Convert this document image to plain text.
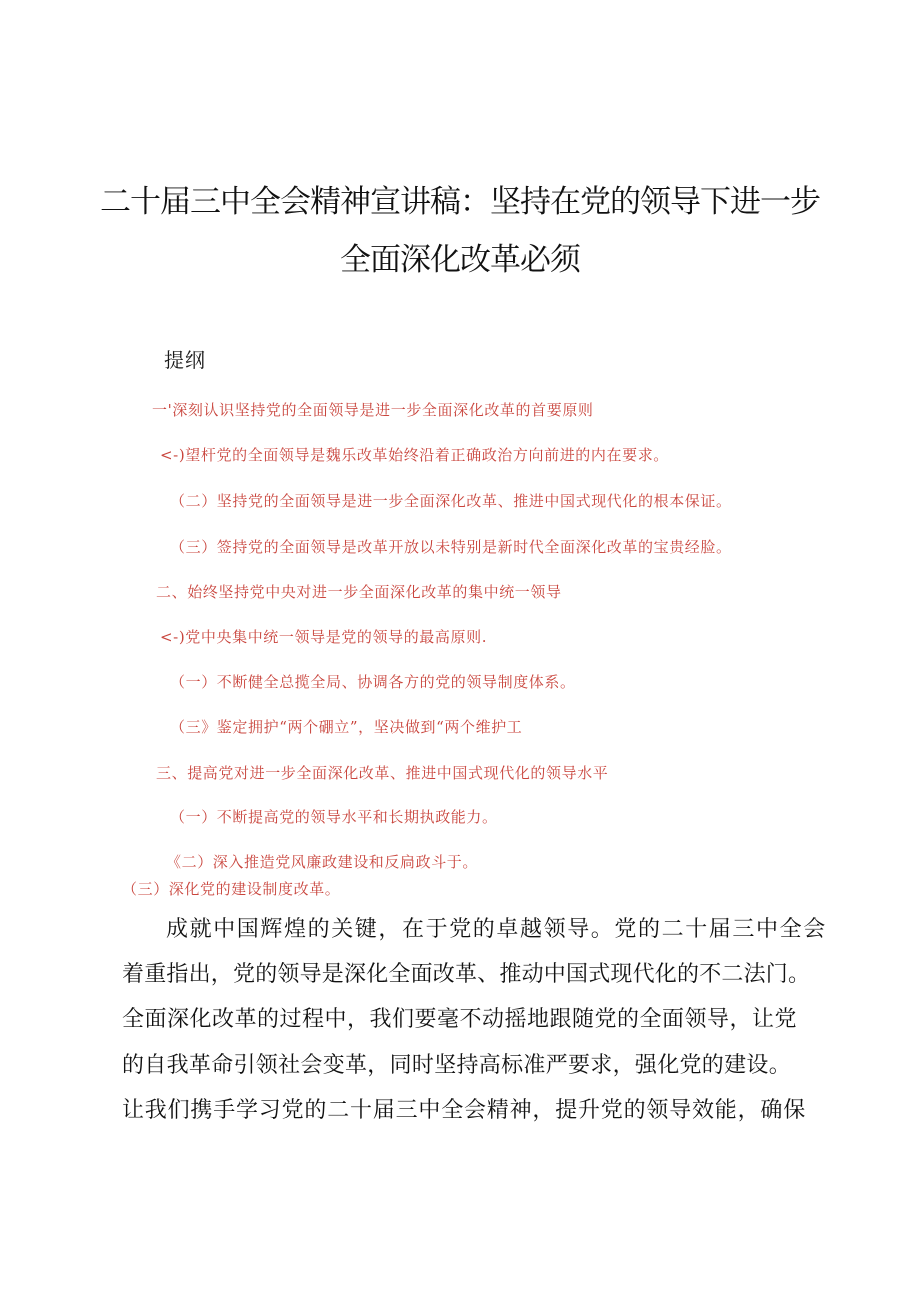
二十届三中全会精神宣讲稿：坚持在党的领导下进一步
全面深化改革必须
提纲
一'深刻认识坚持党的全面领导是进一步全面深化改革的首要原则
<-)望杆党的全面领导是魏乐改革始终沿着正确政治方向前进的内在要求。
（二）坚持党的全面领导是进一步全面深化改革、推进中国式现代化的根本保证。
（三）签持党的全面领导是改革开放以未特别是新时代全面深化改革的宝贵经脸。
二、始终坚持党中央对进一步全面深化改革的集中统一领导
<-)党中央集中统一领导是党的领导的最高原则.
（一）不断健全总揽全局、协调各方的党的领导制度体系。
（三》鉴定拥护“两个硼立”，坚决做到“两个维护工
三、提高党对进一步全面深化改革、推进中国式现代化的领导水平
（一）不断提高党的领导水平和长期执政能力。
《二）深入推造党风廉政建设和反扃政斗于。
（三）深化党的建设制度改革。
成就中国辉煌的关键，在于党的卓越领导。党的二十届三中全会
着重指出，党的领导是深化全面改革、推动中国式现代化的不二法门。
全面深化改革的过程中，我们要毫不动摇地跟随党的全面领导，让党
的自我革命引领社会变革，同时坚持高标准严要求，强化党的建设。
让我们携手学习党的二十届三中全会精神，提升党的领导效能，确保
